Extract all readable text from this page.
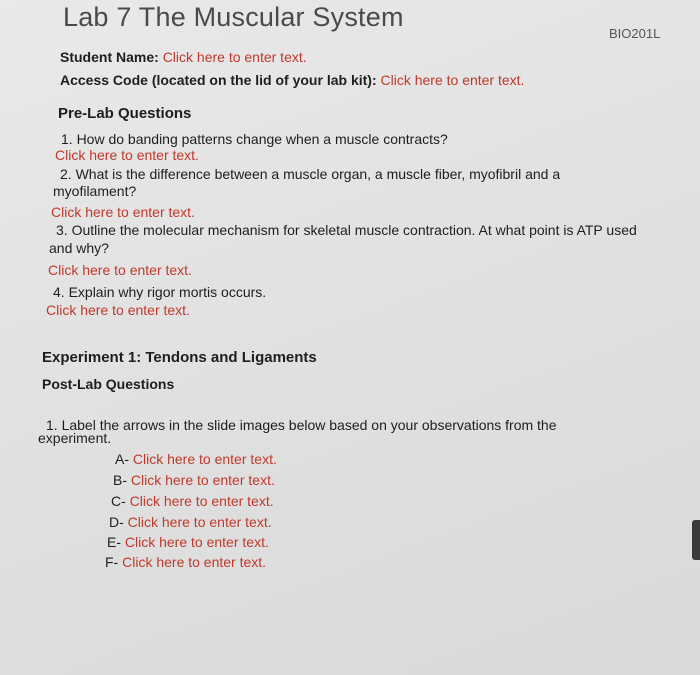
Lab 7 The Muscular System
BIO201L
Student Name: Click here to enter text.
Access Code (located on the lid of your lab kit): Click here to enter text.
Pre-Lab Questions
1. How do banding patterns change when a muscle contracts?
Click here to enter text.
2. What is the difference between a muscle organ, a muscle fiber, myofibril and a
myofilament?
Click here to enter text.
3. Outline the molecular mechanism for skeletal muscle contraction. At what point is ATP used
and why?
Click here to enter text.
4. Explain why rigor mortis occurs.
Click here to enter text.
Experiment 1: Tendons and Ligaments
Post-Lab Questions
1. Label the arrows in the slide images below based on your observations from the
experiment.
A- Click here to enter text.
B- Click here to enter text.
C- Click here to enter text.
D- Click here to enter text.
E- Click here to enter text.
F- Click here to enter text.
